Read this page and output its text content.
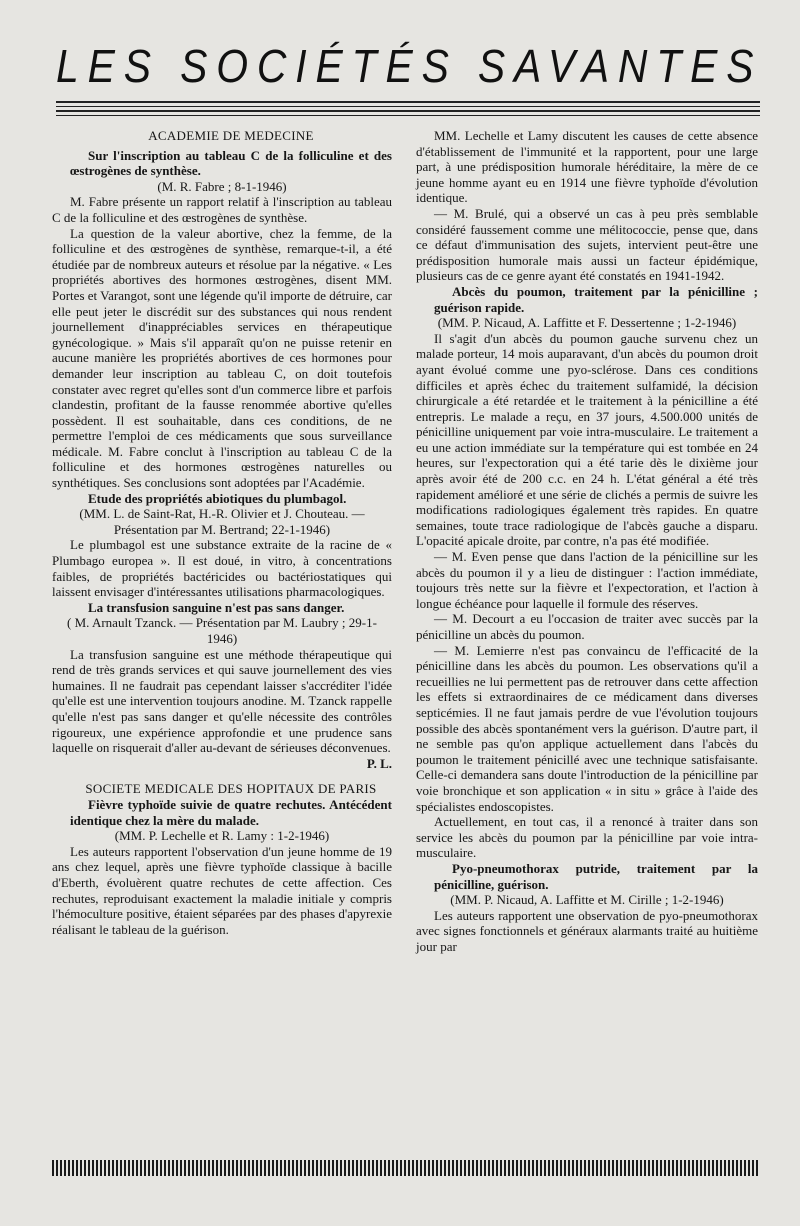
LES SOCIÉTÉS SAVANTES

ACADEMIE DE MEDECINE

Sur l'inscription au tableau C de la folliculine et des œstrogènes de synthèse.

(M. R. Fabre ; 8-1-1946)

M. Fabre présente un rapport relatif à l'inscription au tableau C de la folliculine et des œstrogènes de synthèse.

La question de la valeur abortive, chez la femme, de la folliculine et des œstrogènes de synthèse, remarque-t-il, a été étudiée par de nombreux auteurs et résolue par la négative. « Les propriétés abortives des hormones œstrogènes, disent MM. Portes et Varangot, sont une légende qu'il importe de détruire, car elle peut jeter le discrédit sur des substances qui nous rendent journellement d'inappréciables services en thérapeutique gynécologique. » Mais s'il apparaît qu'on ne puisse retenir en aucune manière les propriétés abortives de ces hormones pour demander leur inscription au tableau C, on doit toutefois constater avec regret qu'elles sont d'un commerce libre et parfois clandestin, profitant de la fausse renommée abortive qu'elles possèdent. Il est souhaitable, dans ces conditions, de ne permettre l'emploi de ces médicaments que sous surveillance médicale. M. Fabre conclut à l'inscription au tableau C de la folliculine et des hormones œstrogènes naturelles ou synthétiques. Ses conclusions sont adoptées par l'Académie.

Etude des propriétés abiotiques du plumbagol.

(MM. L. de Saint-Rat, H.-R. Olivier et J. Chouteau. — Présentation par M. Bertrand; 22-1-1946)

Le plumbagol est une substance extraite de la racine de « Plumbago europea ». Il est doué, in vitro, à concentrations faibles, de propriétés bactéricides ou bactériostatiques qui laissent envisager d'intéressantes utilisations pharmacologiques.

La transfusion sanguine n'est pas sans danger.

( M. Arnault Tzanck. — Présentation par M. Laubry ; 29-1-1946)

La transfusion sanguine est une méthode thérapeutique qui rend de très grands services et qui sauve journellement des vies humaines. Il ne faudrait pas cependant laisser s'accréditer l'idée qu'elle est une intervention toujours anodine. M. Tzanck rappelle qu'elle n'est pas sans danger et qu'elle nécessite des contrôles rigoureux, une expérience approfondie et une prudence sans laquelle on risquerait d'aller au-devant de sérieuses déconvenues.

P. L.

SOCIETE MEDICALE DES HOPITAUX DE PARIS

Fièvre typhoïde suivie de quatre rechutes. Antécédent identique chez la mère du malade.

(MM. P. Lechelle et R. Lamy : 1-2-1946)

Les auteurs rapportent l'observation d'un jeune homme de 19 ans chez lequel, après une fièvre typhoïde classique à bacille d'Eberth, évoluèrent quatre rechutes de cette affection. Ces rechutes, reproduisant exactement la maladie initiale y compris l'hémoculture positive, étaient séparées par des phases d'apyrexie réalisant le tableau de la guérison.

MM. Lechelle et Lamy discutent les causes de cette absence d'établissement de l'immunité et la rapportent, pour une large part, à une prédisposition humorale héréditaire, la mère de ce jeune homme ayant eu en 1914 une fièvre typhoïde d'évolution identique.

— M. Brulé, qui a observé un cas à peu près semblable considéré faussement comme une mélitococcie, pense que, dans ce défaut d'immunisation des sujets, intervient peut-être une prédisposition humorale mais aussi un facteur épidémique, plusieurs cas de ce genre ayant été constatés en 1941-1942.

Abcès du poumon, traitement par la pénicilline ; guérison rapide.

(MM. P. Nicaud, A. Laffitte et F. Dessertenne ; 1-2-1946)

Il s'agit d'un abcès du poumon gauche survenu chez un malade porteur, 14 mois auparavant, d'un abcès du poumon droit ayant évolué comme une pyo-sclérose. Dans ces conditions difficiles et après échec du traitement sulfamidé, la décision chirurgicale a été retardée et le traitement à la pénicilline a été entrepris. Le malade a reçu, en 37 jours, 4.500.000 unités de pénicilline uniquement par voie intra-musculaire. Le traitement a eu une action immédiate sur la température qui est tombée en 24 heures, sur l'expectoration qui a été tarie dès le dixième jour après avoir été de 200 c.c. en 24 h. L'état général a été très rapidement amélioré et une série de clichés a permis de suivre les modifications radiologiques également très rapides. En quatre semaines, toute trace radiologique de l'abcès gauche a disparu. L'opacité apicale droite, par contre, n'a pas été modifiée.

— M. Even pense que dans l'action de la pénicilline sur les abcès du poumon il y a lieu de distinguer : l'action immédiate, toujours très nette sur la fièvre et l'expectoration, et l'action à longue échéance pour laquelle il formule des réserves.

— M. Decourt a eu l'occasion de traiter avec succès par la pénicilline un abcès du poumon.

— M. Lemierre n'est pas convaincu de l'efficacité de la pénicilline dans les abcès du poumon. Les observations qu'il a recueillies ne lui permettent pas de retrouver dans cette affection les effets si extraordinaires de ce médicament dans diverses septicémies. Il ne faut jamais perdre de vue l'évolution toujours possible des abcès spontanément vers la guérison. D'autre part, il ne semble pas qu'on applique actuellement dans l'abcès du poumon le traitement pénicillé avec une technique satisfaisante. Celle-ci demandera sans doute l'introduction de la pénicilline par voie bronchique et son application « in situ » grâce à l'aide des spécialistes endoscopistes.

Actuellement, en tout cas, il a renoncé à traiter dans son service les abcès du poumon par la pénicilline par voie intra-musculaire.

Pyo-pneumothorax putride, traitement par la pénicilline, guérison.

(MM. P. Nicaud, A. Laffitte et M. Cirille ; 1-2-1946)

Les auteurs rapportent une observation de pyo-pneumothorax avec signes fonctionnels et généraux alarmants traité au huitième jour par
